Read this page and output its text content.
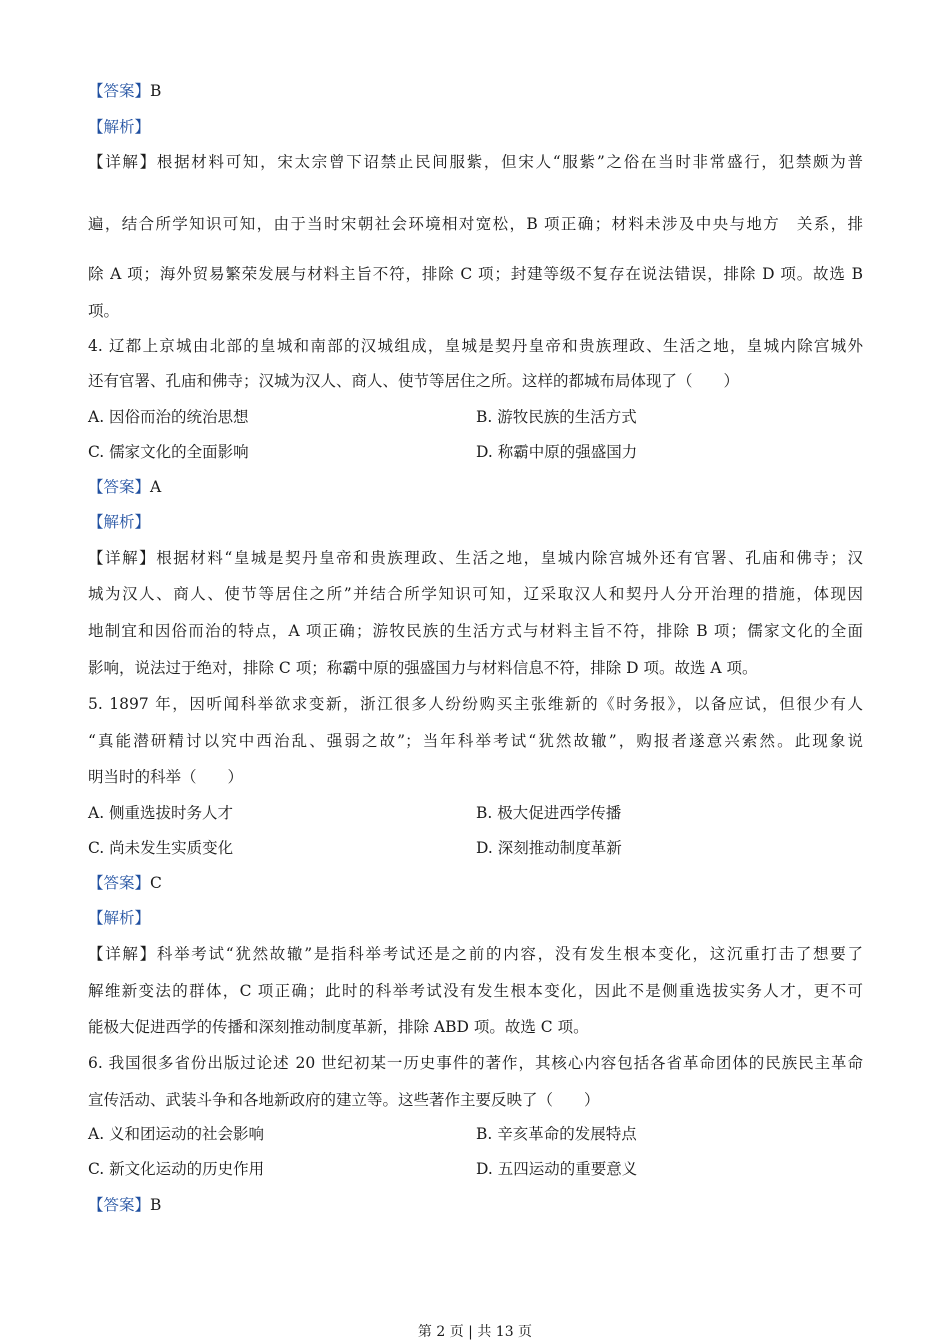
【答案】B
【解析】
【详解】根据材料可知，宋太宗曾下诏禁止民间服紫，但宋人“服紫”之俗在当时非常盛行，犯禁颇为普
遍，结合所学知识可知，由于当时宋朝社会环境相对宽松，B 项正确；材料未涉及中央与地方　关系，排
除 A 项；海外贸易繁荣发展与材料主旨不符，排除 C 项；封建等级不复存在说法错误，排除 D 项。故选 B
项。
4. 辽都上京城由北部的皇城和南部的汉城组成，皇城是契丹皇帝和贵族理政、生活之地，皇城内除宫城外
还有官署、孔庙和佛寺；汉城为汉人、商人、使节等居住之所。这样的都城布局体现了（　　）
A. 因俗而治的统治思想	B. 游牧民族的生活方式
C. 儒家文化的全面影响	D. 称霸中原的强盛国力
【答案】A
【解析】
【详解】根据材料“皇城是契丹皇帝和贵族理政、生活之地，皇城内除宫城外还有官署、孔庙和佛寺；汉
城为汉人、商人、使节等居住之所”并结合所学知识可知，辽采取汉人和契丹人分开治理的措施，体现因
地制宜和因俗而治的特点，A 项正确；游牧民族的生活方式与材料主旨不符，排除 B 项；儒家文化的全面
影响，说法过于绝对，排除 C 项；称霸中原的强盛国力与材料信息不符，排除 D 项。故选 A 项。
5. 1897 年，因听闻科举欲求变新，浙江很多人纷纷购买主张维新的《时务报》，以备应试，但很少有人
“真能潜研精讨以究中西治乱、强弱之故”；当年科举考试“犹然故辙”，购报者遂意兴索然。此现象说
明当时的科举（　　）
A. 侧重选拔时务人才	B. 极大促进西学传播
C. 尚未发生实质变化	D. 深刻推动制度革新
【答案】C
【解析】
【详解】科举考试“犹然故辙”是指科举考试还是之前的内容，没有发生根本变化，这沉重打击了想要了
解维新变法的群体，C 项正确；此时的科举考试没有发生根本变化，因此不是侧重选拔实务人才，更不可
能极大促进西学的传播和深刻推动制度革新，排除 ABD 项。故选 C 项。
6. 我国很多省份出版过论述 20 世纪初某一历史事件的著作，其核心内容包括各省革命团体的民族民主革命
宣传活动、武装斗争和各地新政府的建立等。这些著作主要反映了（　　）
A. 义和团运动的社会影响	B. 辛亥革命的发展特点
C. 新文化运动的历史作用	D. 五四运动的重要意义
【答案】B
第 2 页 | 共 13 页
